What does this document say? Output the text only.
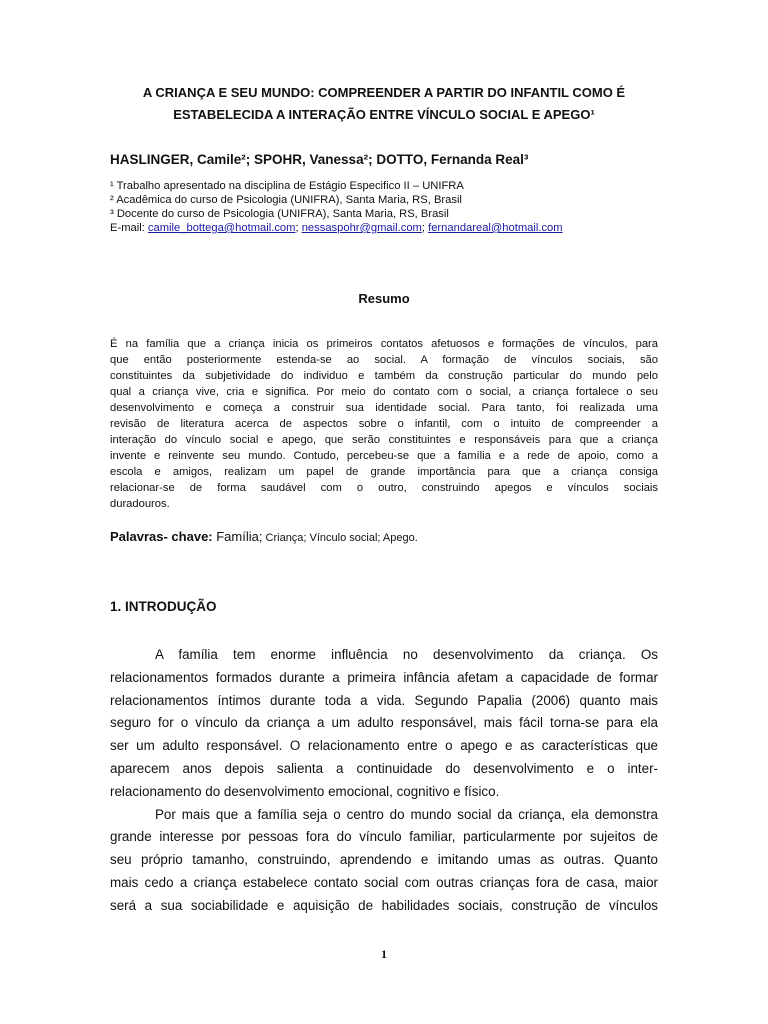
A CRIANÇA E SEU MUNDO: COMPREENDER A PARTIR DO INFANTIL COMO É
ESTABELECIDA A INTERAÇÃO ENTRE VÍNCULO SOCIAL E APEGO¹
HASLINGER, Camile²; SPOHR, Vanessa²; DOTTO, Fernanda Real³
¹ Trabalho apresentado na disciplina de Estágio Especifico II – UNIFRA
² Acadêmica do curso de Psicologia (UNIFRA), Santa Maria, RS, Brasil
³ Docente do curso de Psicologia (UNIFRA), Santa Maria, RS, Brasil
E-mail: camile_bottega@hotmail.com; nessaspohr@gmail.com; fernandareal@hotmail.com
Resumo
É na família que a criança inicia os primeiros contatos afetuosos e formações de vínculos, para
que então posteriormente estenda-se ao social. A formação de vínculos sociais, são
constituintes da subjetividade do individuo e também da construção particular do mundo pelo
qual a criança vive, cria e significa. Por meio do contato com o social, a criança fortalece o seu
desenvolvimento e começa a construir sua identidade social. Para tanto, foi realizada uma
revisão de literatura acerca de aspectos sobre o infantil, com o intuito de compreender a
interação do vínculo social e apego, que serão constituintes e responsáveis para que a criança
invente e reinvente seu mundo. Contudo, percebeu-se que a família e a rede de apoio, como a
escola e amigos, realizam um papel de grande importância para que a criança consiga
relacionar-se de forma saudável com o outro, construindo apegos e vínculos sociais
duradouros.
Palavras- chave: Família; Criança; Vínculo social; Apego.
1. INTRODUÇÃO
A família tem enorme influência no desenvolvimento da criança. Os
relacionamentos formados durante a primeira infância afetam a capacidade de formar
relacionamentos íntimos durante toda a vida. Segundo Papalia (2006) quanto mais
seguro for o vínculo da criança a um adulto responsável, mais fácil torna-se para ela
ser um adulto responsável. O relacionamento entre o apego e as características que
aparecem anos depois salienta a continuidade do desenvolvimento e o inter-
relacionamento do desenvolvimento emocional, cognitivo e físico.
Por mais que a família seja o centro do mundo social da criança, ela demonstra
grande interesse por pessoas fora do vínculo familiar, particularmente por sujeitos de
seu próprio tamanho, construindo, aprendendo e imitando umas as outras. Quanto
mais cedo a criança estabelece contato social com outras crianças fora de casa, maior
será a sua sociabilidade e aquisição de habilidades sociais, construção de vínculos
1
